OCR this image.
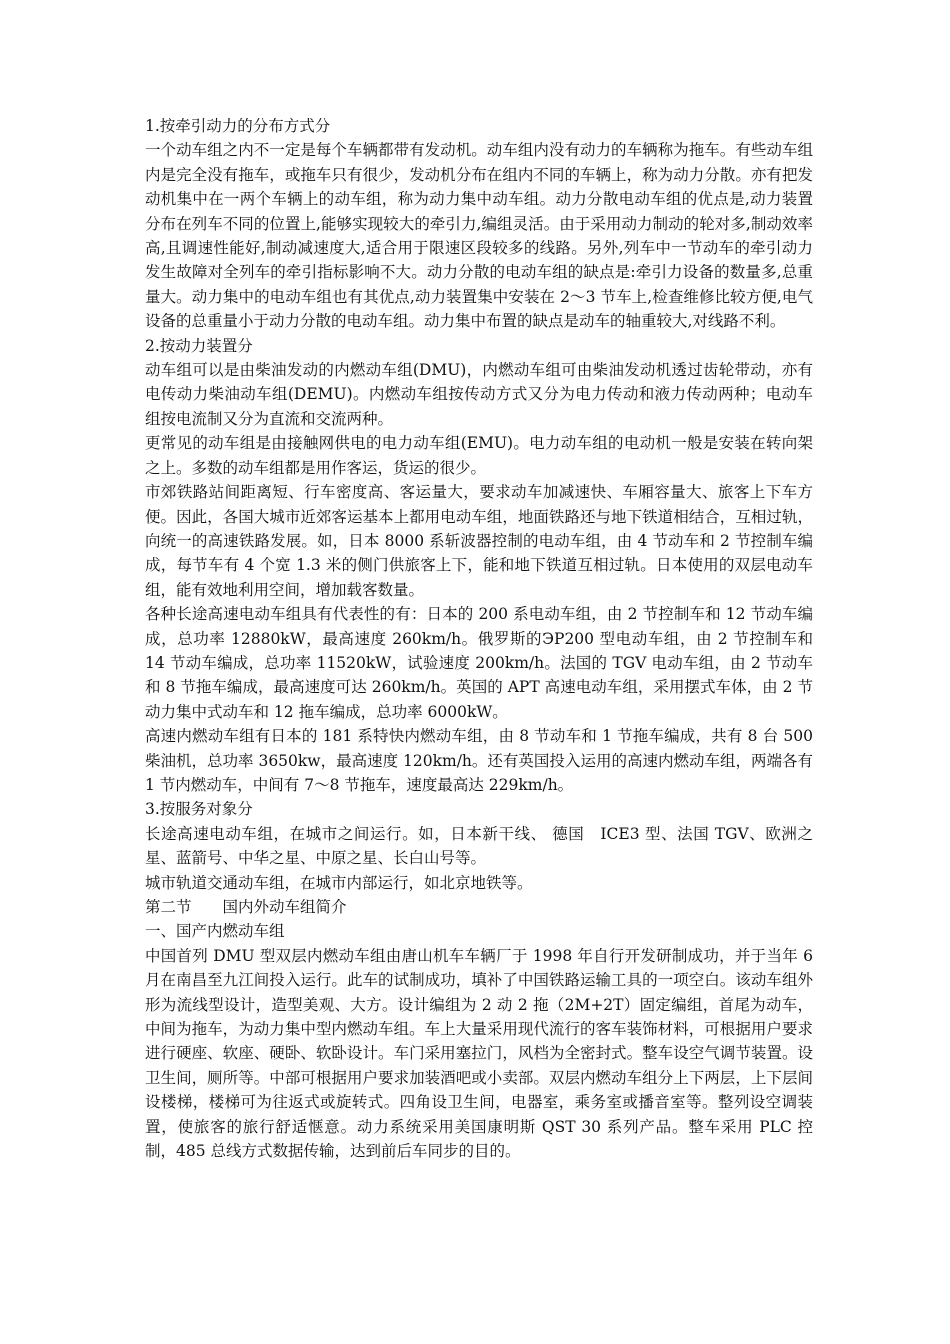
1.按牵引动力的分布方式分

一个动车组之内不一定是每个车辆都带有发动机。动车组内没有动力的车辆称为拖车。有些动车组内是完全没有拖车，或拖车只有很少，发动机分布在组内不同的车辆上，称为动力分散。亦有把发动机集中在一两个车辆上的动车组，称为动力集中动车组。动力分散电动车组的优点是,动力装置分布在列车不同的位置上,能够实现较大的牵引力,编组灵活。由于采用动力制动的轮对多,制动效率高,且调速性能好,制动减速度大,适合用于限速区段较多的线路。另外,列车中一节动车的牵引动力发生故障对全列车的牵引指标影响不大。动力分散的电动车组的缺点是:牵引力设备的数量多,总重量大。动力集中的电动车组也有其优点,动力装置集中安装在 2～3 节车上,检查维修比较方便,电气设备的总重量小于动力分散的电动车组。动力集中布置的缺点是动车的轴重较大,对线路不利。

2.按动力装置分

动车组可以是由柴油发动的内燃动车组(DMU)，内燃动车组可由柴油发动机透过齿轮带动，亦有电传动力柴油动车组(DEMU)。内燃动车组按传动方式又分为电力传动和液力传动两种；电动车组按电流制又分为直流和交流两种。

更常见的动车组是由接触网供电的电力动车组(EMU)。电力动车组的电动机一般是安装在转向架之上。多数的动车组都是用作客运，货运的很少。

市郊铁路站间距离短、行车密度高、客运量大，要求动车加减速快、车厢容量大、旅客上下车方便。因此，各国大城市近郊客运基本上都用电动车组，地面铁路还与地下铁道相结合，互相过轨，向统一的高速铁路发展。如，日本 8000 系斩波器控制的电动车组，由 4 节动车和 2 节控制车编成，每节车有 4 个宽 1.3 米的侧门供旅客上下，能和地下铁道互相过轨。日本使用的双层电动车组，能有效地利用空间，增加载客数量。

各种长途高速电动车组具有代表性的有：日本的 200 系电动车组，由 2 节控制车和 12 节动车编成，总功率 12880kW，最高速度 260km/h。俄罗斯的ЭР200 型电动车组，由 2 节控制车和 14 节动车编成，总功率 11520kW，试验速度 200km/h。法国的 TGV 电动车组，由 2 节动车和 8 节拖车编成，最高速度可达 260km/h。英国的 APT 高速电动车组，采用摆式车体，由 2 节动力集中式动车和 12 拖车编成，总功率 6000kW。

高速内燃动车组有日本的 181 系特快内燃动车组，由 8 节动车和 1 节拖车编成，共有 8 台 500 柴油机，总功率 3650kw，最高速度 120km/h。还有英国投入运用的高速内燃动车组，两端各有 1 节内燃动车，中间有 7～8 节拖车，速度最高达 229km/h。

3.按服务对象分

长途高速电动车组，在城市之间运行。如，日本新干线、 德国　ICE3 型、法国 TGV、欧洲之星、蓝箭号、中华之星、中原之星、长白山号等。

城市轨道交通动车组，在城市内部运行，如北京地铁等。

第二节　　国内外动车组简介

一、国产内燃动车组

中国首列 DMU 型双层内燃动车组由唐山机车车辆厂于 1998 年自行开发研制成功，并于当年 6 月在南昌至九江间投入运行。此车的试制成功，填补了中国铁路运输工具的一项空白。该动车组外形为流线型设计，造型美观、大方。设计编组为 2 动 2 拖（2M+2T）固定编组，首尾为动车，中间为拖车，为动力集中型内燃动车组。车上大量采用现代流行的客车装饰材料，可根据用户要求进行硬座、软座、硬卧、软卧设计。车门采用塞拉门，风档为全密封式。整车设空气调节装置。设卫生间，厕所等。中部可根据用户要求加装酒吧或小卖部。双层内燃动车组分上下两层，上下层间设楼梯，楼梯可为往返式或旋转式。四角设卫生间，电器室，乘务室或播音室等。整列设空调装置，使旅客的旅行舒适惬意。动力系统采用美国康明斯 QST 30 系列产品。整车采用 PLC 控制，485 总线方式数据传输，达到前后车同步的目的。
